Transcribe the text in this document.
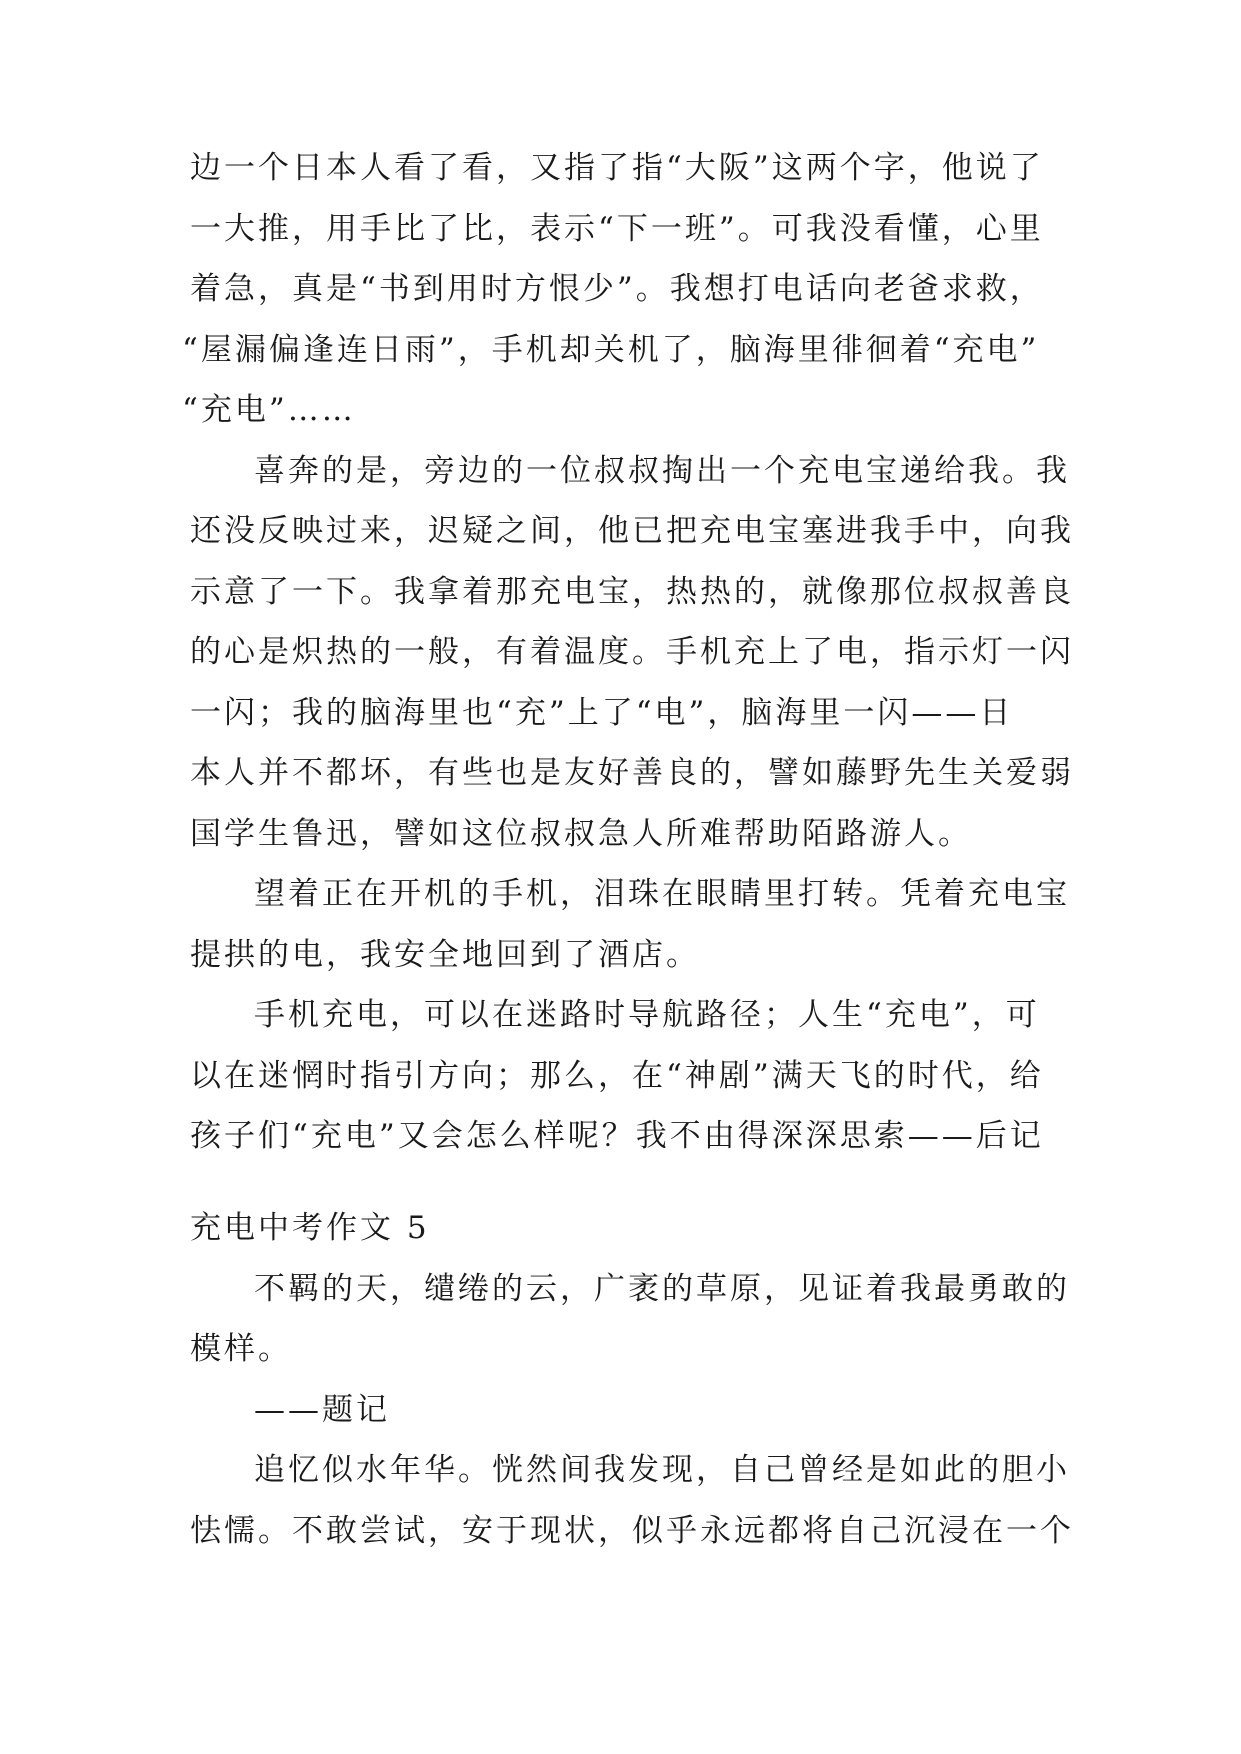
边一个日本人看了看，又指了指“大阪”这两个字，他说了
一大推，用手比了比，表示“下一班”。可我没看懂，心里
着急，真是“书到用时方恨少”。我想打电话向老爸求救，
“屋漏偏逢连日雨”，手机却关机了，脑海里徘徊着“充电”
“充电”……
喜奔的是，旁边的一位叔叔掏出一个充电宝递给我。我
还没反映过来，迟疑之间，他已把充电宝塞进我手中，向我
示意了一下。我拿着那充电宝，热热的，就像那位叔叔善良
的心是炽热的一般，有着温度。手机充上了电，指示灯一闪
一闪；我的脑海里也“充”上了“电”，脑海里一闪——日
本人并不都坏，有些也是友好善良的，譬如藤野先生关爱弱
国学生鲁迅，譬如这位叔叔急人所难帮助陌路游人。
望着正在开机的手机，泪珠在眼睛里打转。凭着充电宝
提拱的电，我安全地回到了酒店。
手机充电，可以在迷路时导航路径；人生“充电”，可
以在迷惘时指引方向；那么，在“神剧”满天飞的时代，给
孩子们“充电”又会怎么样呢？我不由得深深思索——后记
充电中考作文 5
不羁的天，缱绻的云，广袤的草原，见证着我最勇敢的
模样。
——题记
追忆似水年华。恍然间我发现，自己曾经是如此的胆小
怯懦。不敢尝试，安于现状，似乎永远都将自己沉浸在一个
